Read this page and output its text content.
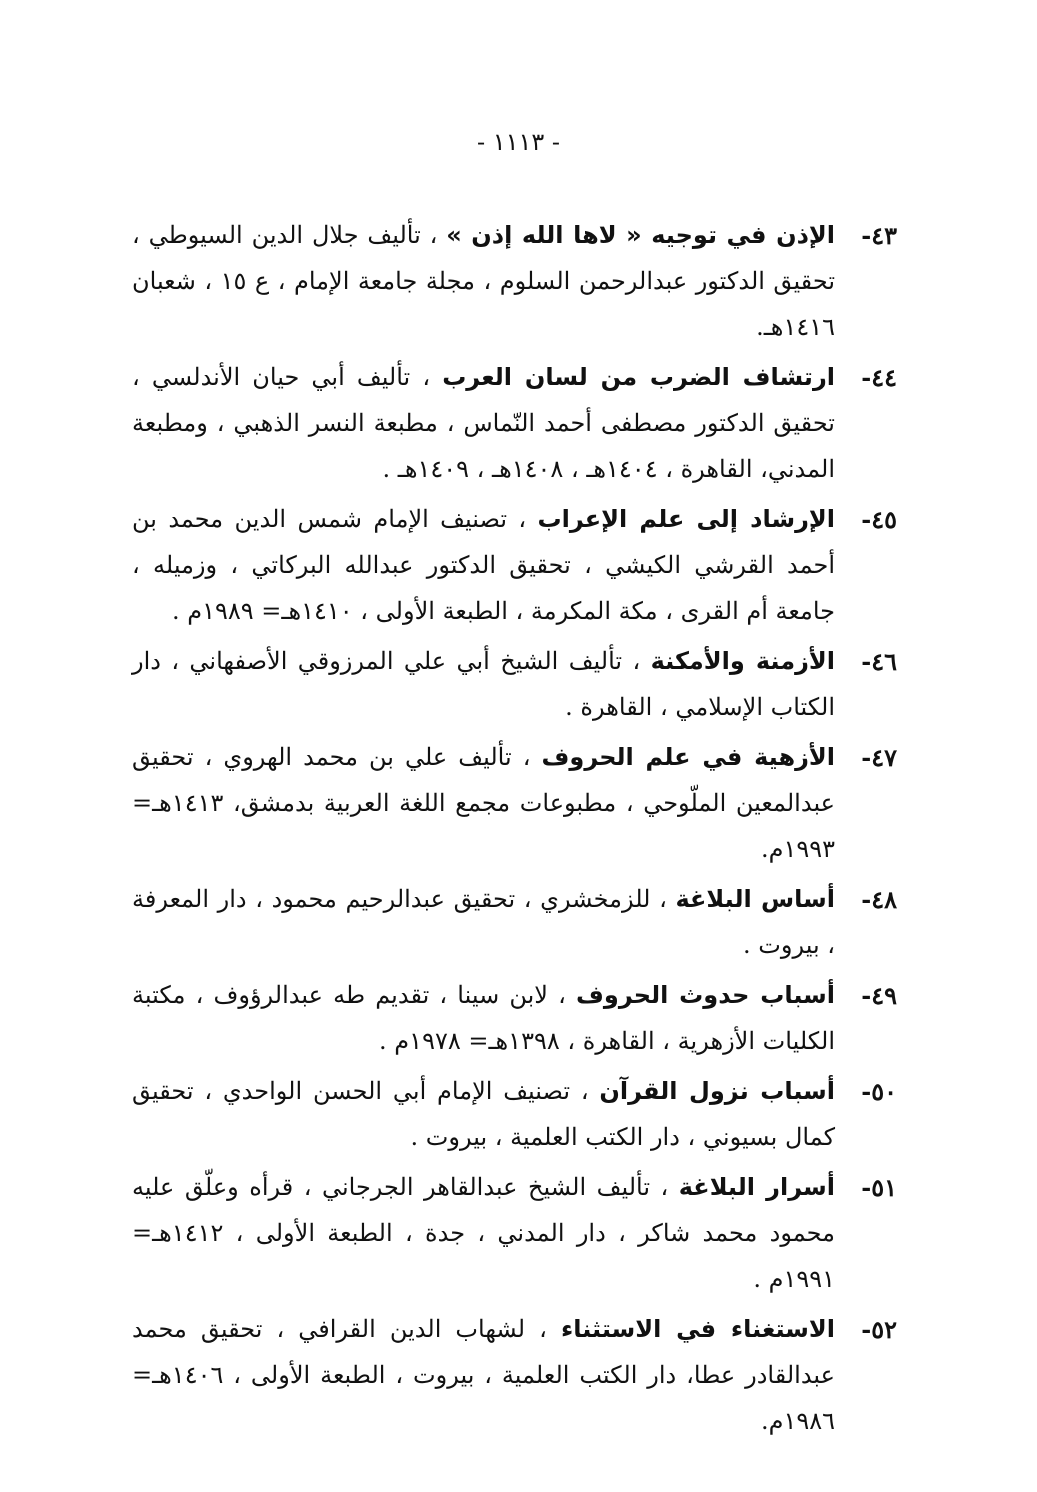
- ١١١٣ -
٤٣-
الإذن في توجيه « لاها الله إذن » ، تأليف جلال الدين السيوطي ، تحقيق الدكتور عبدالرحمن السلوم ، مجلة جامعة الإمام ، ع ١٥ ، شعبان ١٤١٦هـ.
٤٤-
ارتشاف الضرب من لسان العرب ، تأليف أبي حيان الأندلسي ، تحقيق الدكتور مصطفى أحمد النّماس ، مطبعة النسر الذهبي ، ومطبعة المدني، القاهرة ، ١٤٠٤هـ ، ١٤٠٨هـ ، ١٤٠٩هـ .
٤٥-
الإرشاد إلى علم الإعراب ، تصنيف الإمام شمس الدين محمد بن أحمد القرشي الكيشي ، تحقيق الدكتور عبدالله البركاتي ، وزميله ، جامعة أم القرى ، مكة المكرمة ، الطبعة الأولى ، ١٤١٠هـ= ١٩٨٩م .
٤٦-
الأزمنة والأمكنة ، تأليف الشيخ أبي علي المرزوقي الأصفهاني ، دار الكتاب الإسلامي ، القاهرة .
٤٧-
الأزهية في علم الحروف ، تأليف علي بن محمد الهروي ، تحقيق عبدالمعين الملّوحي ، مطبوعات مجمع اللغة العربية بدمشق، ١٤١٣هـ= ١٩٩٣م.
٤٨-
أساس البلاغة ، للزمخشري ، تحقيق عبدالرحيم محمود ، دار المعرفة ، بيروت .
٤٩-
أسباب حدوث الحروف ، لابن سينا ، تقديم طه عبدالرؤوف ، مكتبة الكليات الأزهرية ، القاهرة ، ١٣٩٨هـ= ١٩٧٨م .
٥٠-
أسباب نزول القرآن ، تصنيف الإمام أبي الحسن الواحدي ، تحقيق كمال بسيوني ، دار الكتب العلمية ، بيروت .
٥١-
أسرار البلاغة ، تأليف الشيخ عبدالقاهر الجرجاني ، قرأه وعلّق عليه محمود محمد شاكر ، دار المدني ، جدة ، الطبعة الأولى ، ١٤١٢هـ= ١٩٩١م .
٥٢-
الاستغناء في الاستثناء ، لشهاب الدين القرافي ، تحقيق محمد عبدالقادر عطا، دار الكتب العلمية ، بيروت ، الطبعة الأولى ، ١٤٠٦هـ= ١٩٨٦م.
